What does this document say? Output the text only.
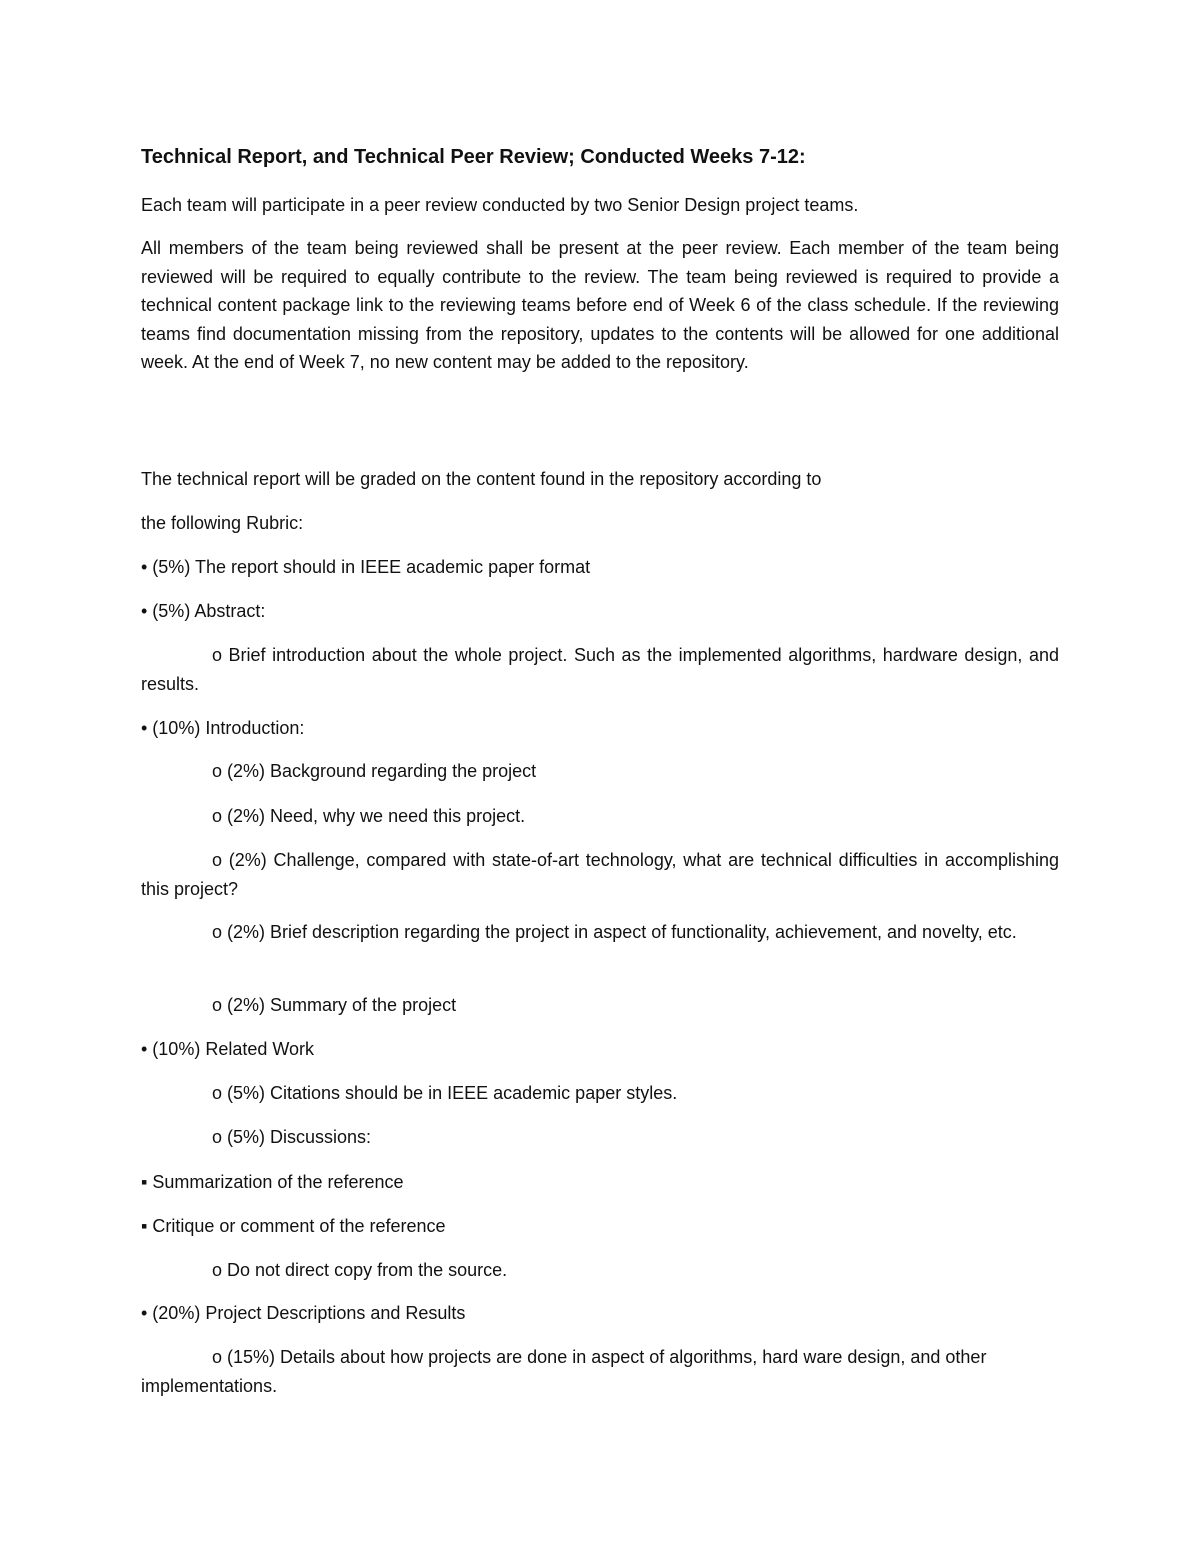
Technical Report, and Technical Peer Review; Conducted Weeks 7-12:

Each team will participate in a peer review conducted by two Senior Design project teams.

All members of the team being reviewed shall be present at the peer review. Each member of the team being reviewed will be required to equally contribute to the review. The team being reviewed is required to provide a technical content package link to the reviewing teams before end of Week 6 of the class schedule. If the reviewing teams find documentation missing from the repository, updates to the contents will be allowed for one additional week. At the end of Week 7, no new content may be added to the repository.

The technical report will be graded on the content found in the repository according to

the following Rubric:

• (5%) The report should in IEEE academic paper format

• (5%) Abstract:

o Brief introduction about the whole project. Such as the implemented algorithms, hardware design, and results.

• (10%) Introduction:

o (2%) Background regarding the project

o (2%) Need, why we need this project.

o (2%) Challenge, compared with state-of-art technology, what are technical difficulties in accomplishing this project?

o (2%) Brief description regarding the project in aspect of functionality, achievement, and novelty, etc.

o (2%) Summary of the project

• (10%) Related Work

o (5%) Citations should be in IEEE academic paper styles.

o (5%) Discussions:

▪ Summarization of the reference

▪ Critique or comment of the reference

o Do not direct copy from the source.

• (20%) Project Descriptions and Results

o (15%) Details about how projects are done in aspect of algorithms, hard ware design, and other implementations.
